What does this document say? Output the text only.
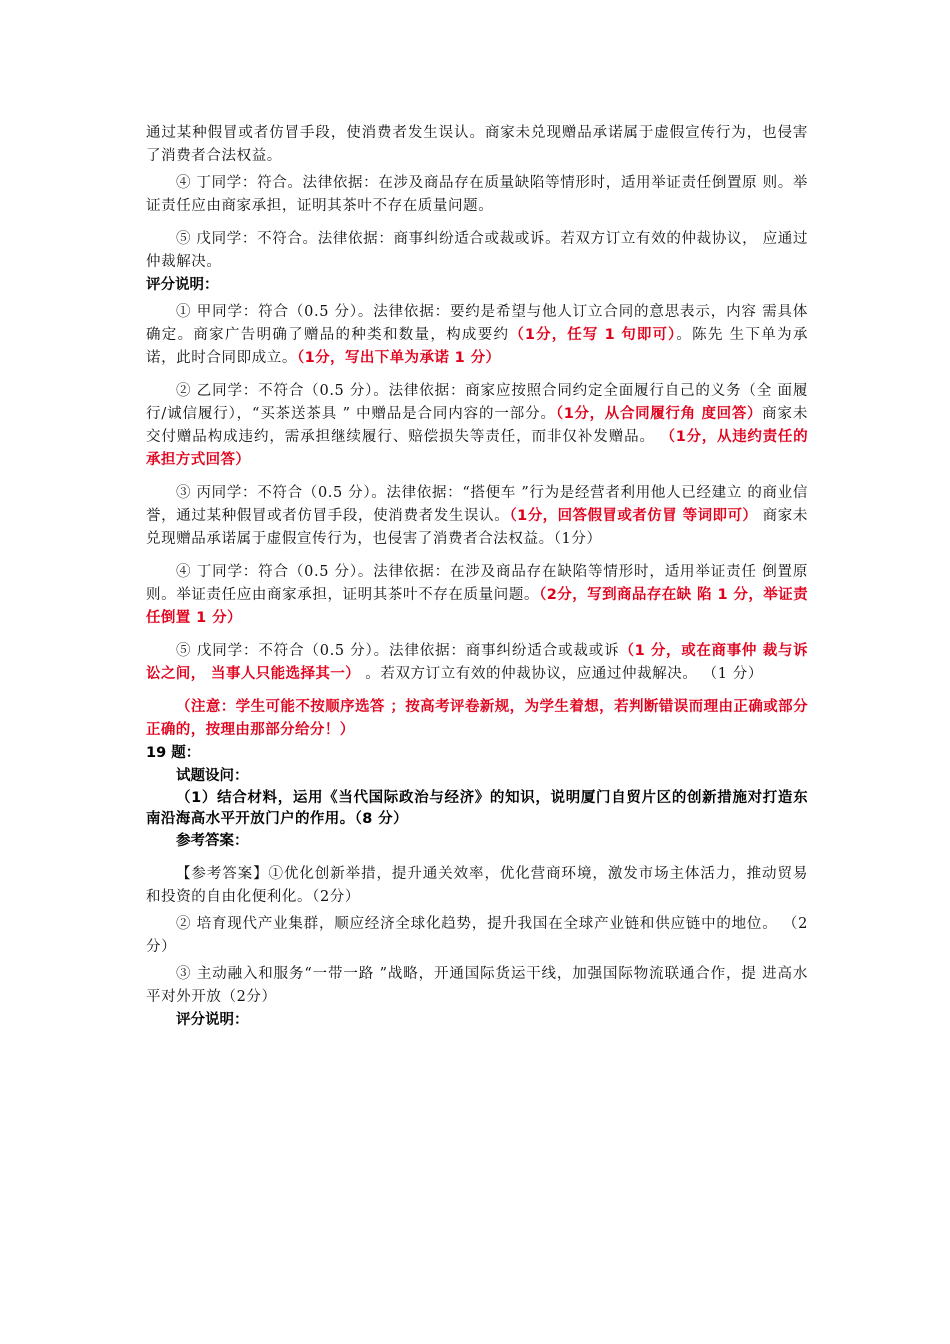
通过某种假冒或者仿冒手段，使消费者发生误认。商家未兑现赠品承诺属于虚假宣传行为，也侵害了消费者合法权益。

④ 丁同学：符合。法律依据：在涉及商品存在质量缺陷等情形时，适用举证责任倒置原 则。举证责任应由商家承担，证明其茶叶不存在质量问题。

⑤ 戊同学：不符合。法律依据：商事纠纷适合或裁或诉。若双方订立有效的仲裁协议， 应通过仲裁解决。

评分说明：

① 甲同学：符合（0.5 分）。法律依据：要约是希望与他人订立合同的意思表示，内容 需具体确定。商家广告明确了赠品的种类和数量，构成要约（1分，任写 1 句即可）。陈先 生下单为承诺，此时合同即成立。（1分，写出下单为承诺 1 分）

② 乙同学：不符合（0.5 分）。法律依据：商家应按照合同约定全面履行自己的义务（全 面履行/诚信履行），“买茶送茶具 ” 中赠品是合同内容的一部分。（1分，从合同履行角 度回答）商家未交付赠品构成违约，需承担继续履行、赔偿损失等责任，而非仅补发赠品。 （1分，从违约责任的承担方式回答）

③ 丙同学：不符合（0.5 分）。法律依据：“搭便车 ”行为是经营者利用他人已经建立 的商业信誉，通过某种假冒或者仿冒手段，使消费者发生误认。（1分，回答假冒或者仿冒 等词即可） 商家未兑现赠品承诺属于虚假宣传行为，也侵害了消费者合法权益。（1分）

④ 丁同学：符合（0.5 分）。法律依据：在涉及商品存在缺陷等情形时，适用举证责任 倒置原则。举证责任应由商家承担，证明其茶叶不存在质量问题。（2分，写到商品存在缺 陷 1 分，举证责任倒置 1 分）

⑤ 戊同学：不符合（0.5 分）。法律依据：商事纠纷适合或裁或诉（1 分，或在商事仲 裁与诉讼之间， 当事人只能选择其一） 。若双方订立有效的仲裁协议，应通过仲裁解决。 （1 分）

（注意：学生可能不按顺序选答 ；按高考评卷新规，为学生着想，若判断错误而理由正确或部分正确的，按理由那部分给分！）

19 题：

试题设问：

（1）结合材料，运用《当代国际政治与经济》的知识，说明厦门自贸片区的创新措施对打造东南沿海高水平开放门户的作用。（8 分）

参考答案：

【参考答案】①优化创新举措，提升通关效率，优化营商环境，激发市场主体活力，推动贸易和投资的自由化便利化。（2分）

② 培育现代产业集群，顺应经济全球化趋势，提升我国在全球产业链和供应链中的地位。 （2 分）

③ 主动融入和服务“一带一路 ”战略，开通国际货运干线，加强国际物流联通合作，提 进高水平对外开放（2分）

评分说明：
